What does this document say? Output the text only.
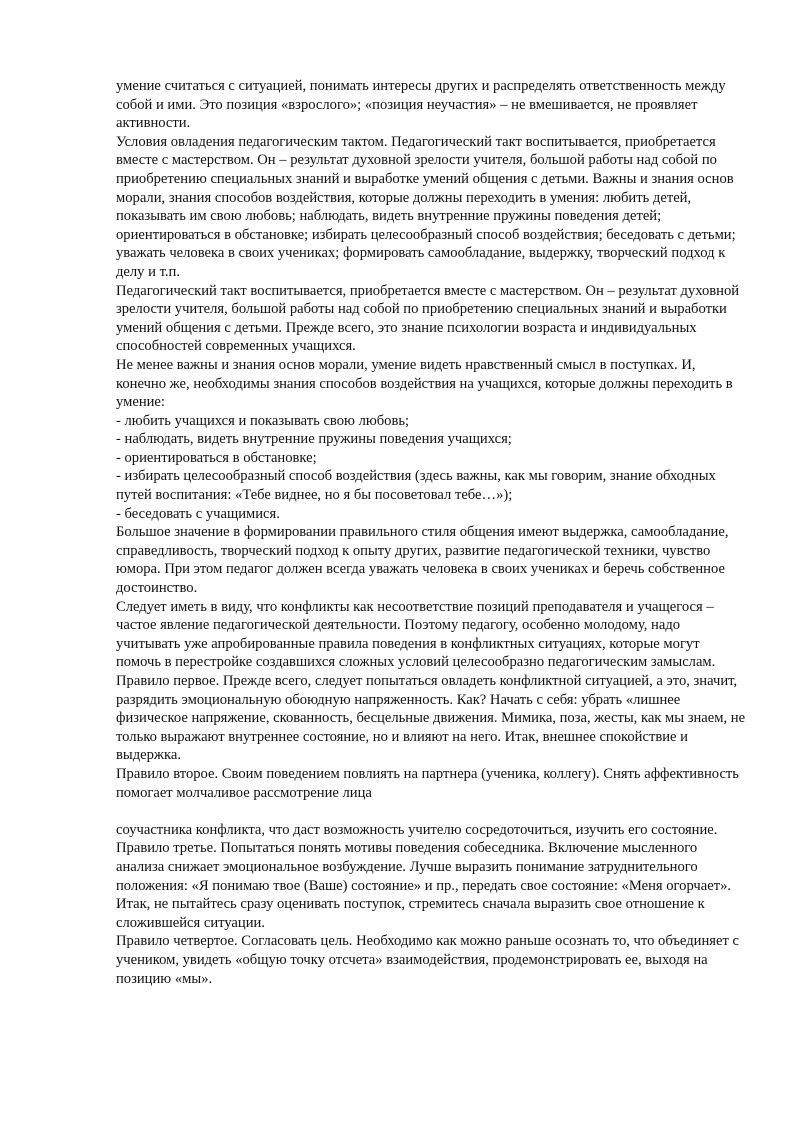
умение считаться с ситуацией, понимать интересы других и распределять ответственность между собой и ими. Это позиция «взрослого»; «позиция неучастия» – не вмешивается, не проявляет активности.

Условия овладения педагогическим тактом. Педагогический такт воспитывается, приобретается вместе с мастерством. Он – результат духовной зрелости учителя, большой работы над собой по приобретению специальных знаний и выработке умений общения с детьми. Важны и знания основ морали, знания способов воздействия, которые должны переходить в умения: любить детей, показывать им свою любовь; наблюдать, видеть внутренние пружины поведения детей; ориентироваться в обстановке; избирать целесообразный способ воздействия; беседовать с детьми; уважать человека в своих учениках; формировать самообладание, выдержку, творческий подход к делу и т.п.

Педагогический такт воспитывается, приобретается вместе с мастерством. Он – результат духовной зрелости учителя, большой работы над собой по приобретению специальных знаний и выработки умений общения с детьми. Прежде всего, это знание психологии возраста и индивидуальных способностей современных учащихся.

Не менее важны и знания основ морали, умение видеть нравственный смысл в поступках. И, конечно же, необходимы знания способов воздействия на учащихся, которые должны переходить в умение:

- любить учащихся и показывать свою любовь;

- наблюдать, видеть внутренние пружины поведения учащихся;

- ориентироваться в обстановке;

- избирать целесообразный способ воздействия (здесь важны, как мы говорим, знание обходных путей воспитания: «Тебе виднее, но я бы посоветовал тебе…»);

- беседовать с учащимися.

Большое значение в формировании правильного стиля общения имеют выдержка, самообладание, справедливость, творческий подход к опыту других, развитие педагогической техники, чувство юмора. При этом педагог должен всегда уважать человека в своих учениках и беречь собственное достоинство.

Следует иметь в виду, что конфликты как несоответствие позиций преподавателя и учащегося – частое явление педагогической деятельности. Поэтому педагогу, особенно молодому, надо учитывать уже апробированные правила поведения в конфликтных ситуациях, которые могут помочь в перестройке создавшихся сложных условий целесообразно педагогическим замыслам.

Правило первое. Прежде всего, следует попытаться овладеть конфликтной ситуацией, а это, значит, разрядить эмоциональную обоюдную напряженность. Как? Начать с себя: убрать «лишнее физическое напряжение, скованность, бесцельные движения. Мимика, поза, жесты, как мы знаем, не только выражают внутреннее состояние, но и влияют на него. Итак, внешнее спокойствие и выдержка.

Правило второе. Своим поведением повлиять на партнера (ученика, коллегу). Снять аффективность помогает молчаливое рассмотрение лица

соучастника конфликта, что даст возможность учителю сосредоточиться, изучить его состояние.

Правило третье. Попытаться понять мотивы поведения собеседника. Включение мысленного анализа снижает эмоциональное возбуждение. Лучше выразить понимание затруднительного положения: «Я понимаю твое (Ваше) состояние» и пр., передать свое состояние: «Меня огорчает». Итак, не пытайтесь сразу оценивать поступок, стремитесь сначала выразить свое отношение к сложившейся ситуации.

Правило четвертое. Согласовать цель. Необходимо как можно раньше осознать то, что объединяет с учеником, увидеть «общую точку отсчета» взаимодействия, продемонстрировать ее, выходя на позицию «мы».
